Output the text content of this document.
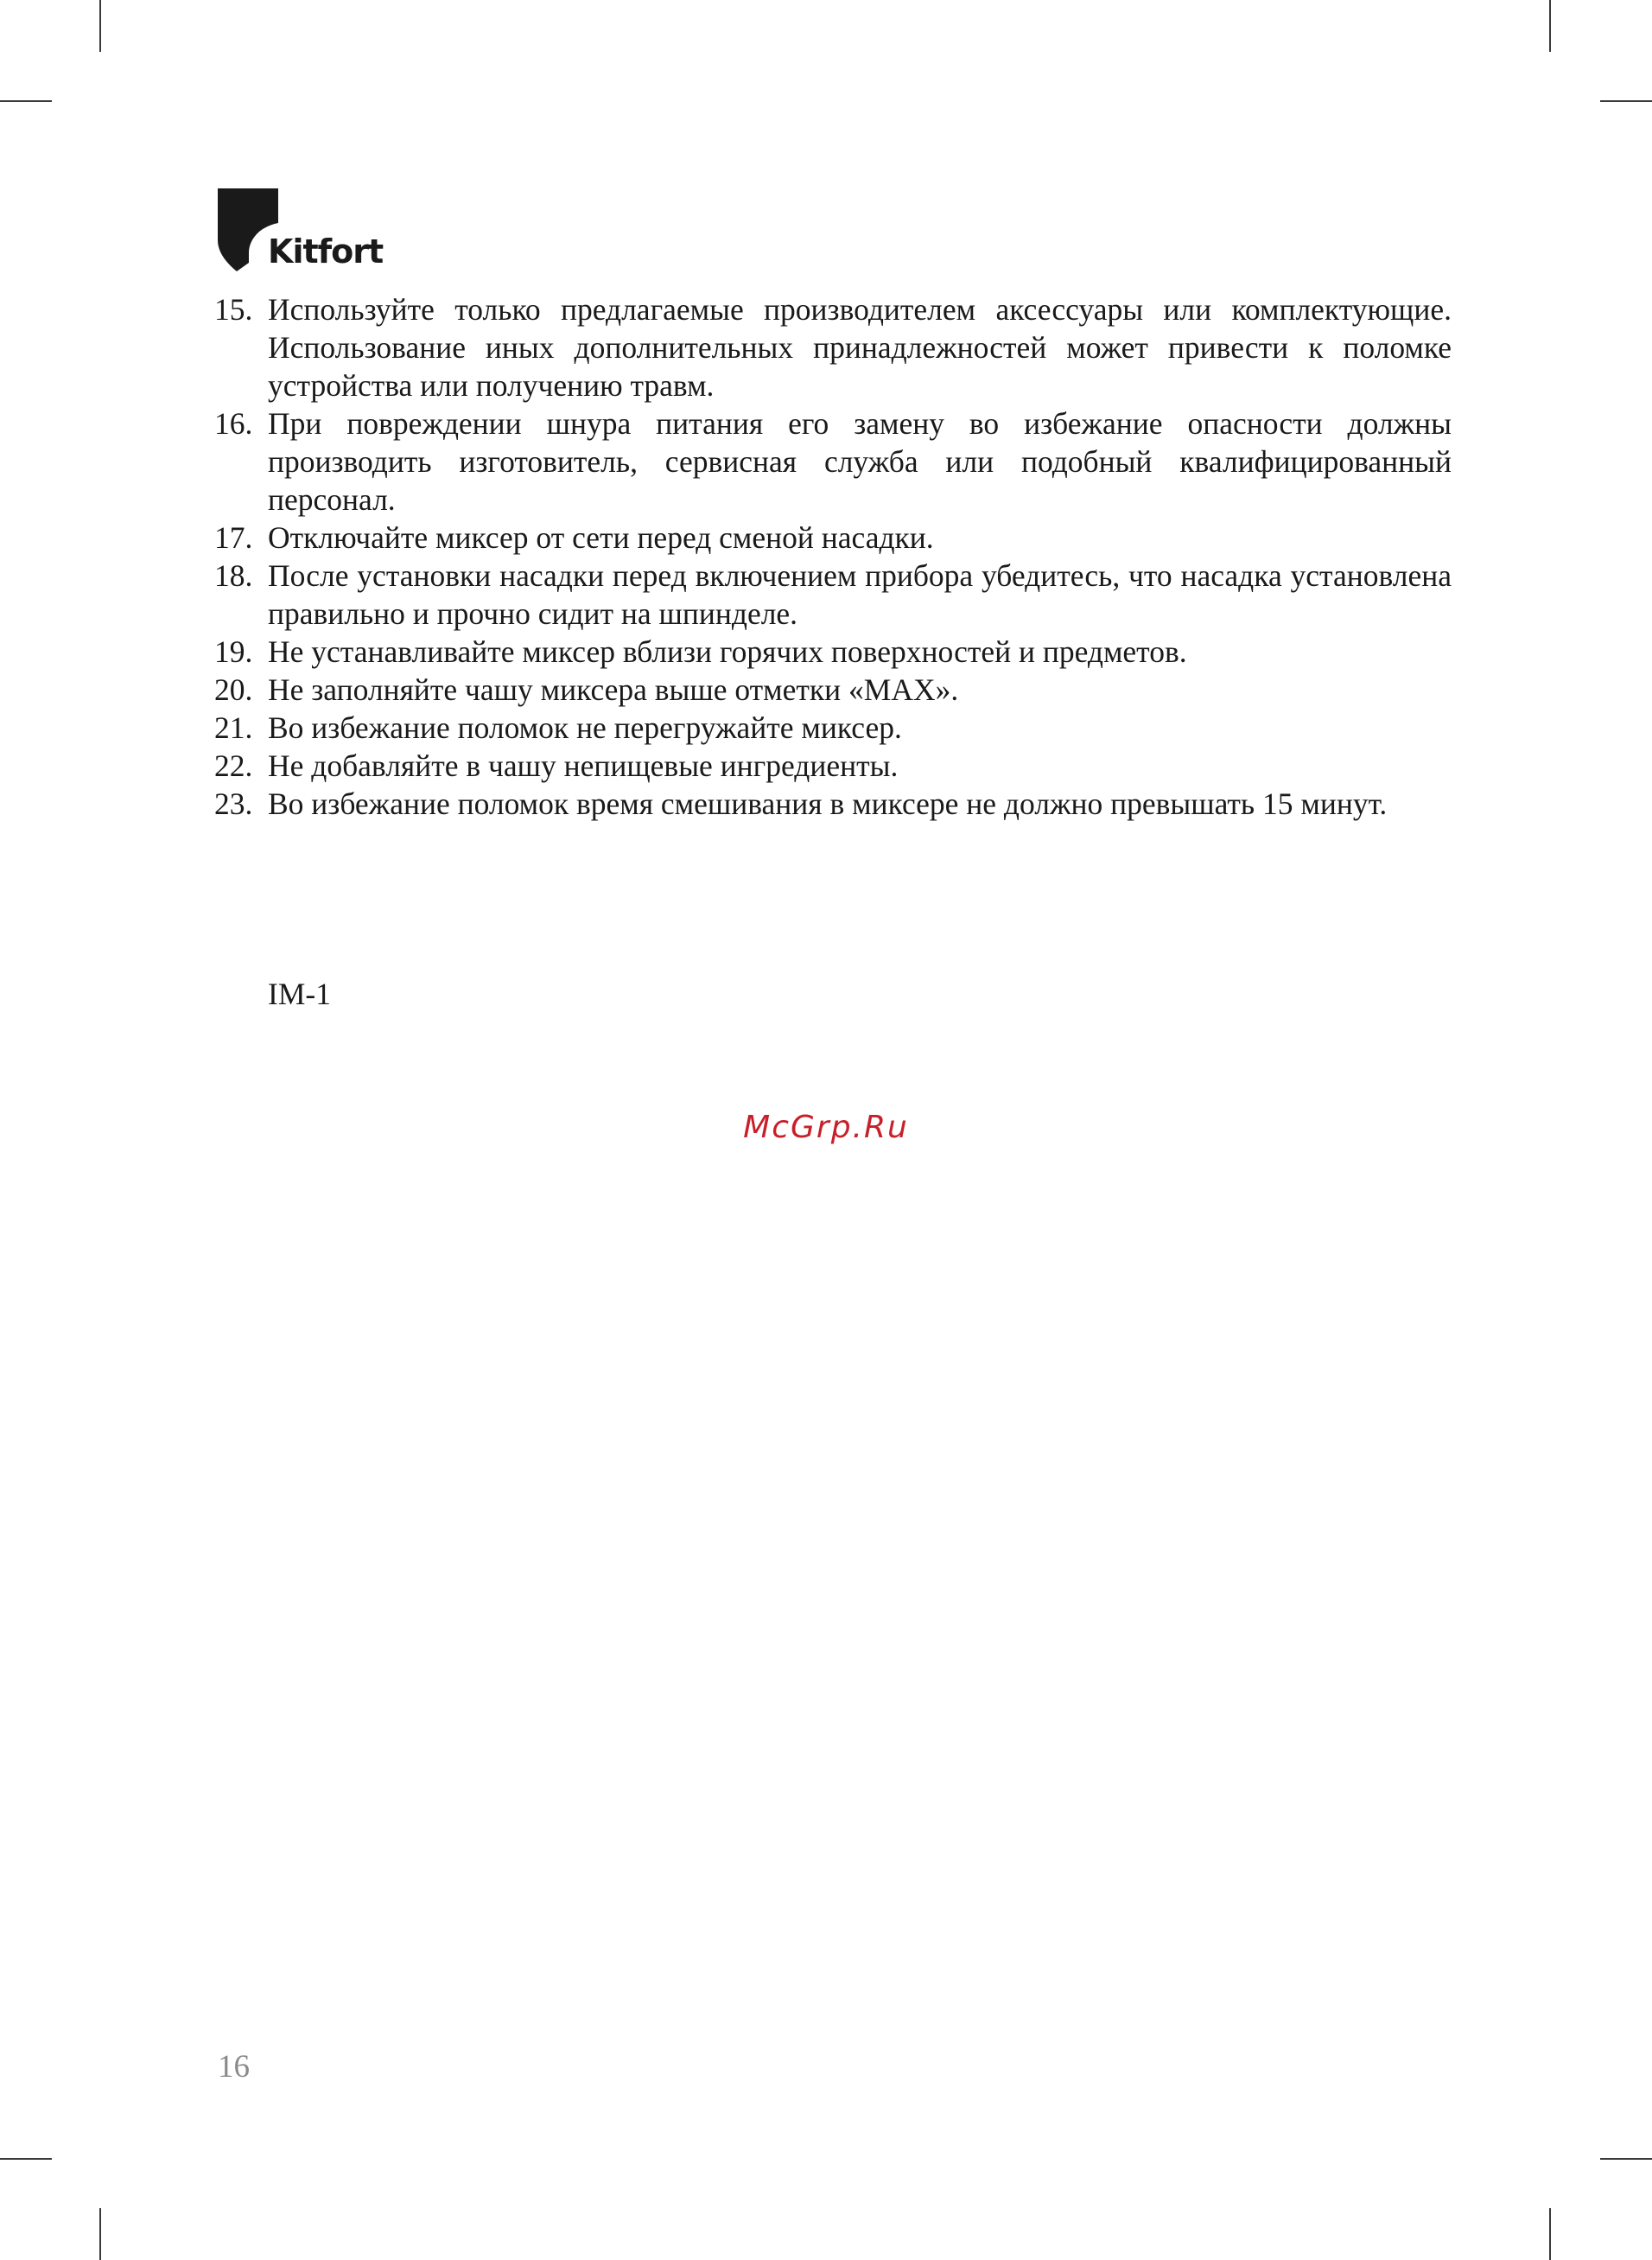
Kitfort
15. Используйте только предлагаемые производителем аксессуары или комплектующие. Использование иных дополнительных принадлежностей может привести к поломке устройства или получению травм.
16. При повреждении шнура питания его замену во избежание опасности должны производить изготовитель, сервисная служба или подобный квалифицированный персонал.
17. Отключайте миксер от сети перед сменой насадки.
18. После установки насадки перед включением прибора убедитесь, что насадка установлена правильно и прочно сидит на шпинделе.
19. Не устанавливайте миксер вблизи горячих поверхностей и предметов.
20. Не заполняйте чашу миксера выше отметки «MAX».
21. Во избежание поломок не перегружайте миксер.
22. Не добавляйте в чашу непищевые ингредиенты.
23. Во избежание поломок время смешивания в миксере не должно превышать 15 минут.
IM-1
McGrp.Ru
16
